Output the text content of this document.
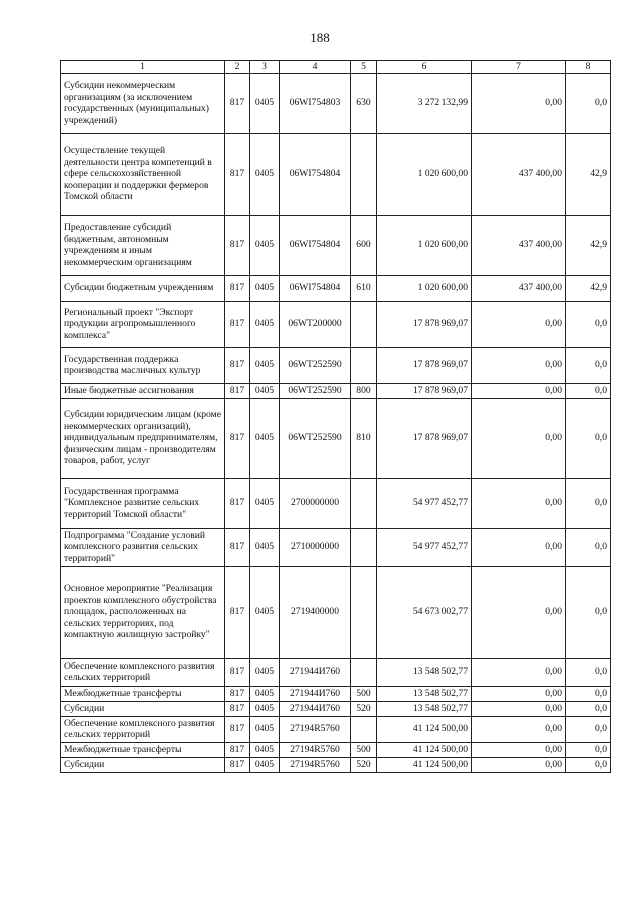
188
1	2	3	4	5	6	7	8
Субсидии некоммерческим организациям (за исключением государственных (муниципальных) учреждений)	817	0405	06WI754803	630	3 272 132,99	0,00	0,0
Осуществление текущей деятельности центра компетенций в сфере сельскохозяйственной кооперации и поддержки фермеров Томской области	817	0405	06WI754804		1 020 600,00	437 400,00	42,9
Предоставление субсидий бюджетным, автономным учреждениям и иным некоммерческим организациям	817	0405	06WI754804	600	1 020 600,00	437 400,00	42,9
Субсидии бюджетным учреждениям	817	0405	06WI754804	610	1 020 600,00	437 400,00	42,9
Региональный проект "Экспорт продукции агропромышленного комплекса"	817	0405	06WT200000		17 878 969,07	0,00	0,0
Государственная поддержка производства масличных культур	817	0405	06WT252590		17 878 969,07	0,00	0,0
Иные бюджетные ассигнования	817	0405	06WT252590	800	17 878 969,07	0,00	0,0
Субсидии юридическим лицам (кроме некоммерческих организаций), индивидуальным предпринимателям, физическим лицам - производителям товаров, работ, услуг	817	0405	06WT252590	810	17 878 969,07	0,00	0,0
Государственная программа "Комплексное развитие сельских территорий Томской области"	817	0405	2700000000		54 977 452,77	0,00	0,0
Подпрограмма "Создание условий комплексного развития сельских территорий"	817	0405	2710000000		54 977 452,77	0,00	0,0
Основное мероприятие "Реализация проектов комплексного обустройства площадок, расположенных на сельских территориях, под компактную жилищную застройку"	817	0405	2719400000		54 673 002,77	0,00	0,0
Обеспечение комплексного развития сельских территорий	817	0405	271944И760		13 548 502,77	0,00	0,0
Межбюджетные трансферты	817	0405	271944И760	500	13 548 502,77	0,00	0,0
Субсидии	817	0405	271944И760	520	13 548 502,77	0,00	0,0
Обеспечение комплексного развития сельских территорий	817	0405	27194R5760		41 124 500,00	0,00	0,0
Межбюджетные трансферты	817	0405	27194R5760	500	41 124 500,00	0,00	0,0
Субсидии	817	0405	27194R5760	520	41 124 500,00	0,00	0,0
